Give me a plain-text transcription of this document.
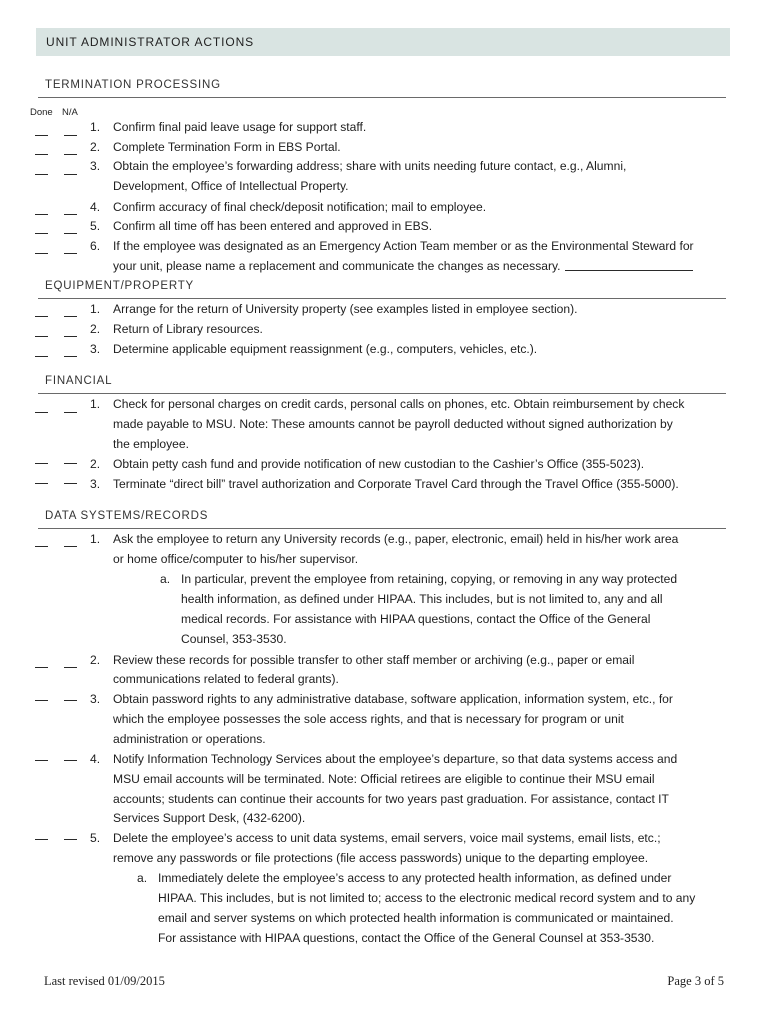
UNIT ADMINISTRATOR ACTIONS
TERMINATION PROCESSING
Done N/A
1. Confirm final paid leave usage for support staff.
2. Complete Termination Form in EBS Portal.
3. Obtain the employee’s forwarding address; share with units needing future contact, e.g., Alumni,
Development, Office of Intellectual Property.
4. Confirm accuracy of final check/deposit notification; mail to employee.
5. Confirm all time off has been entered and approved in EBS.
6. If the employee was designated as an Emergency Action Team member or as the Environmental Steward for
your unit, please name a replacement and communicate the changes as necessary.
EQUIPMENT/PROPERTY
1. Arrange for the return of University property (see examples listed in employee section).
2. Return of Library resources.
3. Determine applicable equipment reassignment (e.g., computers, vehicles, etc.).
FINANCIAL
1. Check for personal charges on credit cards, personal calls on phones, etc. Obtain reimbursement by check
made payable to MSU. Note: These amounts cannot be payroll deducted without signed authorization by
the employee.
2. Obtain petty cash fund and provide notification of new custodian to the Cashier’s Office (355-5023).
3. Terminate “direct bill” travel authorization and Corporate Travel Card through the Travel Office (355-5000).
DATA SYSTEMS/RECORDS
1. Ask the employee to return any University records (e.g., paper, electronic, email) held in his/her work area
or home office/computer to his/her supervisor.
a. In particular, prevent the employee from retaining, copying, or removing in any way protected
health information, as defined under HIPAA. This includes, but is not limited to, any and all
medical records. For assistance with HIPAA questions, contact the Office of the General
Counsel, 353-3530.
2. Review these records for possible transfer to other staff member or archiving (e.g., paper or email
communications related to federal grants).
3. Obtain password rights to any administrative database, software application, information system, etc., for
which the employee possesses the sole access rights, and that is necessary for program or unit
administration or operations.
4. Notify Information Technology Services about the employee’s departure, so that data systems access and
MSU email accounts will be terminated. Note: Official retirees are eligible to continue their MSU email
accounts; students can continue their accounts for two years past graduation. For assistance, contact IT
Services Support Desk, (432-6200).
5. Delete the employee’s access to unit data systems, email servers, voice mail systems, email lists, etc.;
remove any passwords or file protections (file access passwords) unique to the departing employee.
a. Immediately delete the employee’s access to any protected health information, as defined under
HIPAA. This includes, but is not limited to; access to the electronic medical record system and to any
email and server systems on which protected health information is communicated or maintained.
For assistance with HIPAA questions, contact the Office of the General Counsel at 353-3530.
Last revised 01/09/2015	Page 3 of 5
